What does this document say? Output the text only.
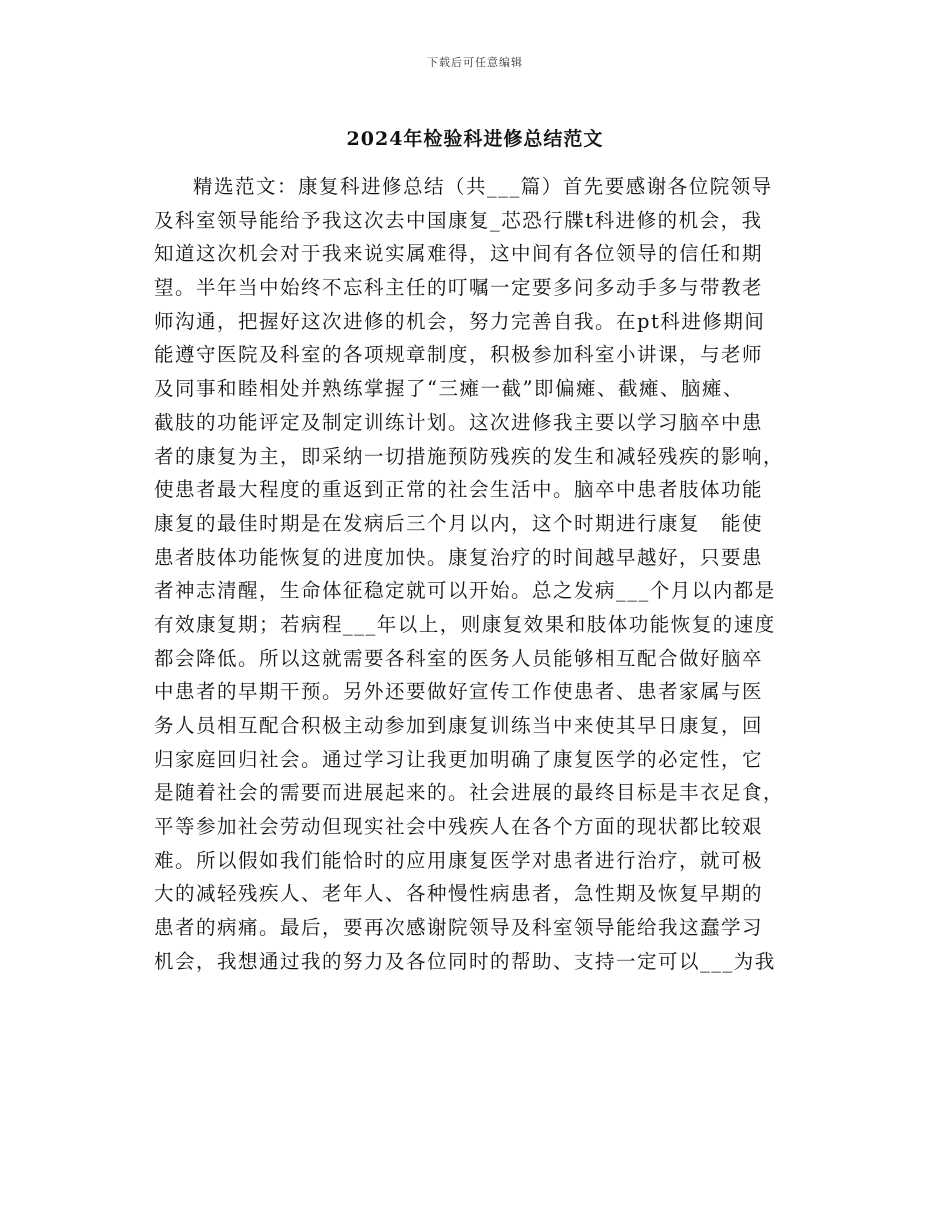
下载后可任意编辑
2024年检验科进修总结范文
精选范文：康复科进修总结（共___篇）首先要感谢各位院领导
及科室领导能给予我这次去中国康复_芯恐行牒t科进修的机会，我
知道这次机会对于我来说实属难得，这中间有各位领导的信任和期
望。半年当中始终不忘科主任的叮嘱一定要多问多动手多与带教老
师沟通，把握好这次进修的机会，努力完善自我。在pt科进修期间
能遵守医院及科室的各项规章制度，积极参加科室小讲课，与老师
及同事和睦相处并熟练掌握了“三瘫一截”即偏瘫、截瘫、脑瘫、
截肢的功能评定及制定训练计划。这次进修我主要以学习脑卒中患
者的康复为主，即采纳一切措施预防残疾的发生和减轻残疾的影响，
使患者最大程度的重返到正常的社会生活中。脑卒中患者肢体功能
康复的最佳时期是在发病后三个月以内，这个时期进行康复　能使
患者肢体功能恢复的进度加快。康复治疗的时间越早越好，只要患
者神志清醒，生命体征稳定就可以开始。总之发病___个月以内都是
有效康复期；若病程___年以上，则康复效果和肢体功能恢复的速度
都会降低。所以这就需要各科室的医务人员能够相互配合做好脑卒
中患者的早期干预。另外还要做好宣传工作使患者、患者家属与医
务人员相互配合积极主动参加到康复训练当中来使其早日康复，回
归家庭回归社会。通过学习让我更加明确了康复医学的必定性，它
是随着社会的需要而进展起来的。社会进展的最终目标是丰衣足食，
平等参加社会劳动但现实社会中残疾人在各个方面的现状都比较艰
难。所以假如我们能恰时的应用康复医学对患者进行治疗，就可极
大的减轻残疾人、老年人、各种慢性病患者，急性期及恢复早期的
患者的病痛。最后，要再次感谢院领导及科室领导能给我这蠢学习
机会，我想通过我的努力及各位同时的帮助、支持一定可以___为我
